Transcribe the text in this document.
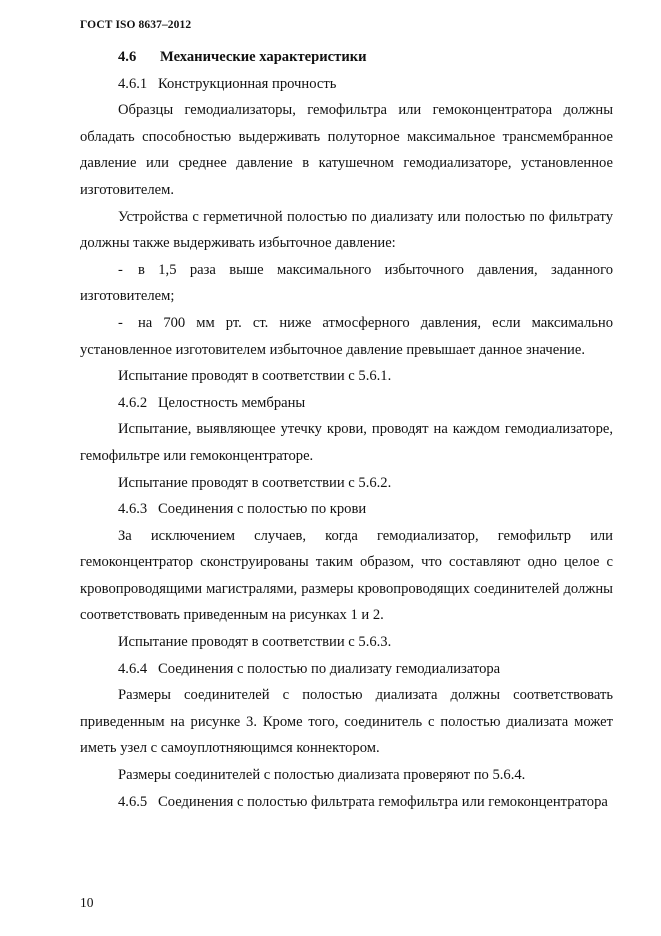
ГОСТ ISO 8637–2012

4.6 Механические характеристики

4.6.1 Конструкционная прочность

Образцы гемодиализаторы, гемофильтра или гемоконцентратора должны обладать способностью выдерживать полуторное максимальное трансмембранное давление или среднее давление в катушечном гемодиализаторе, установленное изготовителем.

Устройства с герметичной полостью по диализату или полостью по фильтрату должны также выдерживать избыточное давление:

- в 1,5 раза выше максимального избыточного давления, заданного изготовителем;

- на 700 мм рт. ст. ниже атмосферного давления, если максимально установленное изготовителем избыточное давление превышает данное значение.

Испытание проводят в соответствии с 5.6.1.

4.6.2 Целостность мембраны

Испытание, выявляющее утечку крови, проводят на каждом гемодиализаторе, гемофильтре или гемоконцентраторе.

Испытание проводят в соответствии с 5.6.2.

4.6.3 Соединения с полостью по крови

За исключением случаев, когда гемодиализатор, гемофильтр или гемоконцентратор сконструированы таким образом, что составляют одно целое с кровопроводящими магистралями, размеры кровопроводящих соединителей должны соответствовать приведенным на рисунках 1 и 2.

Испытание проводят в соответствии с 5.6.3.

4.6.4 Соединения с полостью по диализату гемодиализатора

Размеры соединителей с полостью диализата должны соответствовать приведенным на рисунке 3. Кроме того, соединитель с полостью диализата может иметь узел с самоуплотняющимся коннектором.

Размеры соединителей с полостью диализата проверяют по 5.6.4.

4.6.5 Соединения с полостью фильтрата гемофильтра или гемоконцентратора

10
